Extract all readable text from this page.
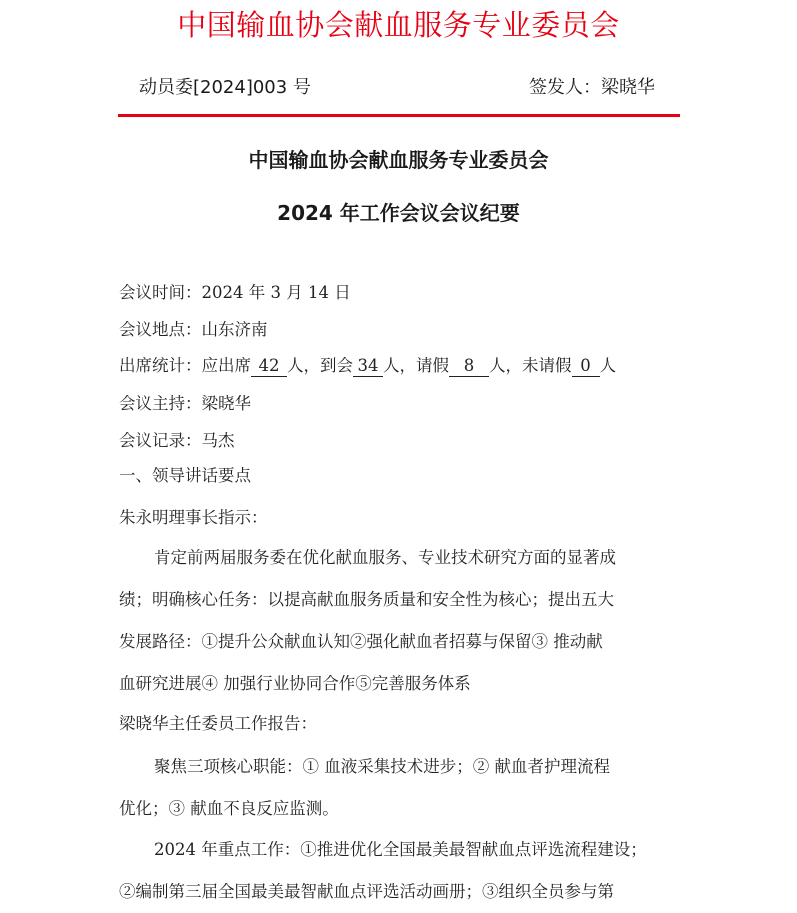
中国输血协会献血服务专业委员会
动员委[2024]003 号	签发人：梁晓华
中国输血协会献血服务专业委员会
2024 年工作会议会议纪要
会议时间：2024 年 3 月 14 日
会议地点：山东济南
出席统计：应出席 42 人，到会 34 人，请假 8 人，未请假 0 人
会议主持：梁晓华
会议记录：马杰
一、领导讲话要点
朱永明理事长指示：
肯定前两届服务委在优化献血服务、专业技术研究方面的显著成
绩；明确核心任务：以提高献血服务质量和安全性为核心；提出五大
发展路径：①提升公众献血认知②强化献血者招募与保留③ 推动献
血研究进展④ 加强行业协同合作⑤完善服务体系
梁晓华主任委员工作报告：
聚焦三项核心职能：① 血液采集技术进步；② 献血者护理流程
优化；③ 献血不良反应监测。
2024 年重点工作：①推进优化全国最美最智献血点评选流程建设；
②编制第三届全国最美最智献血点评选活动画册；③组织全员参与第
